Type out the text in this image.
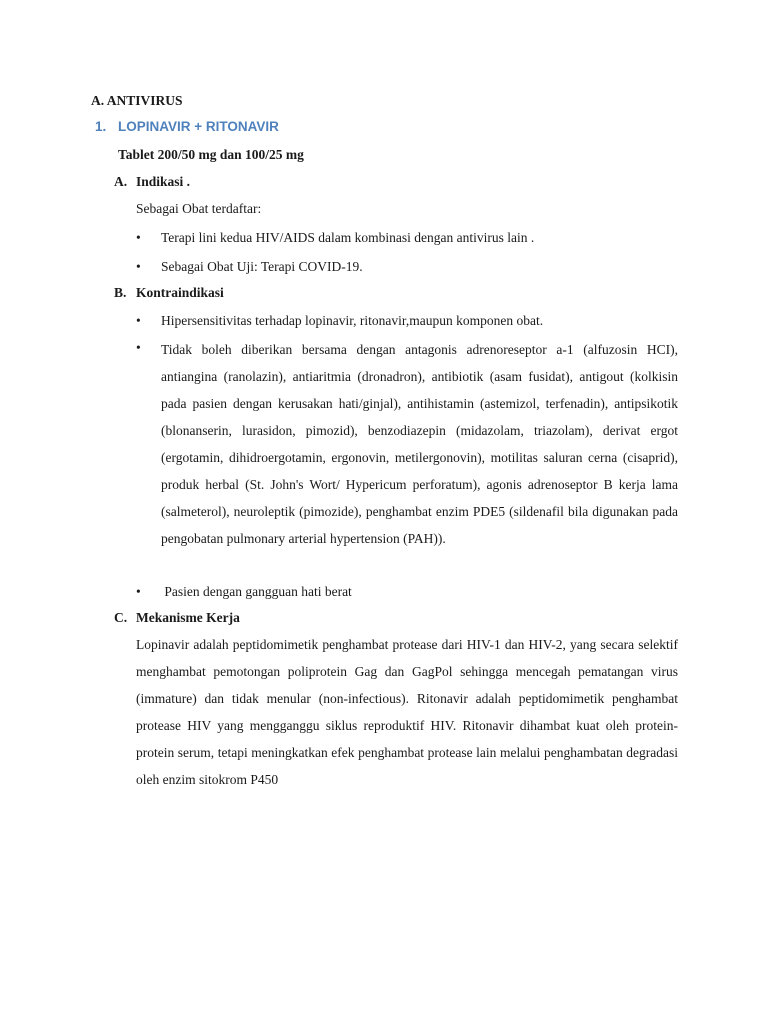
A. ANTIVIRUS
1. LOPINAVIR + RITONAVIR
Tablet 200/50 mg dan 100/25 mg
A. Indikasi .
Sebagai Obat terdaftar:
•	Terapi lini kedua HIV/AIDS dalam kombinasi dengan antivirus lain .
•	Sebagai Obat Uji: Terapi COVID-19.
B. Kontraindikasi
•	Hipersensitivitas terhadap lopinavir, ritonavir,maupun komponen obat.
•	Tidak boleh diberikan bersama dengan antagonis adrenoreseptor a-1 (alfuzosin HCI), antiangina (ranolazin), antiaritmia (dronadron), antibiotik (asam fusidat), antigout (kolkisin pada pasien dengan kerusakan hati/ginjal), antihistamin (astemizol, terfenadin), antipsikotik (blonanserin, lurasidon, pimozid), benzodiazepin (midazolam, triazolam), derivat ergot (ergotamin, dihidroergotamin, ergonovin, metilergonovin), motilitas saluran cerna (cisaprid), produk herbal (St. John's Wort/ Hypericum perforatum), agonis adrenoseptor B kerja lama (salmeterol), neuroleptik (pimozide), penghambat enzim PDE5 (sildenafil bila digunakan pada pengobatan pulmonary arterial hypertension (PAH)).
•	Pasien dengan gangguan hati berat
C. Mekanisme Kerja
Lopinavir adalah peptidomimetik penghambat protease dari HIV-1 dan HIV-2, yang secara selektif menghambat pemotongan poliprotein Gag dan GagPol sehingga mencegah pematangan virus (immature) dan tidak menular (non-infectious). Ritonavir adalah peptidomimetik penghambat protease HIV yang mengganggu siklus reproduktif HIV. Ritonavir dihambat kuat oleh protein-protein serum, tetapi meningkatkan efek penghambat protease lain melalui penghambatan degradasi oleh enzim sitokrom P450
